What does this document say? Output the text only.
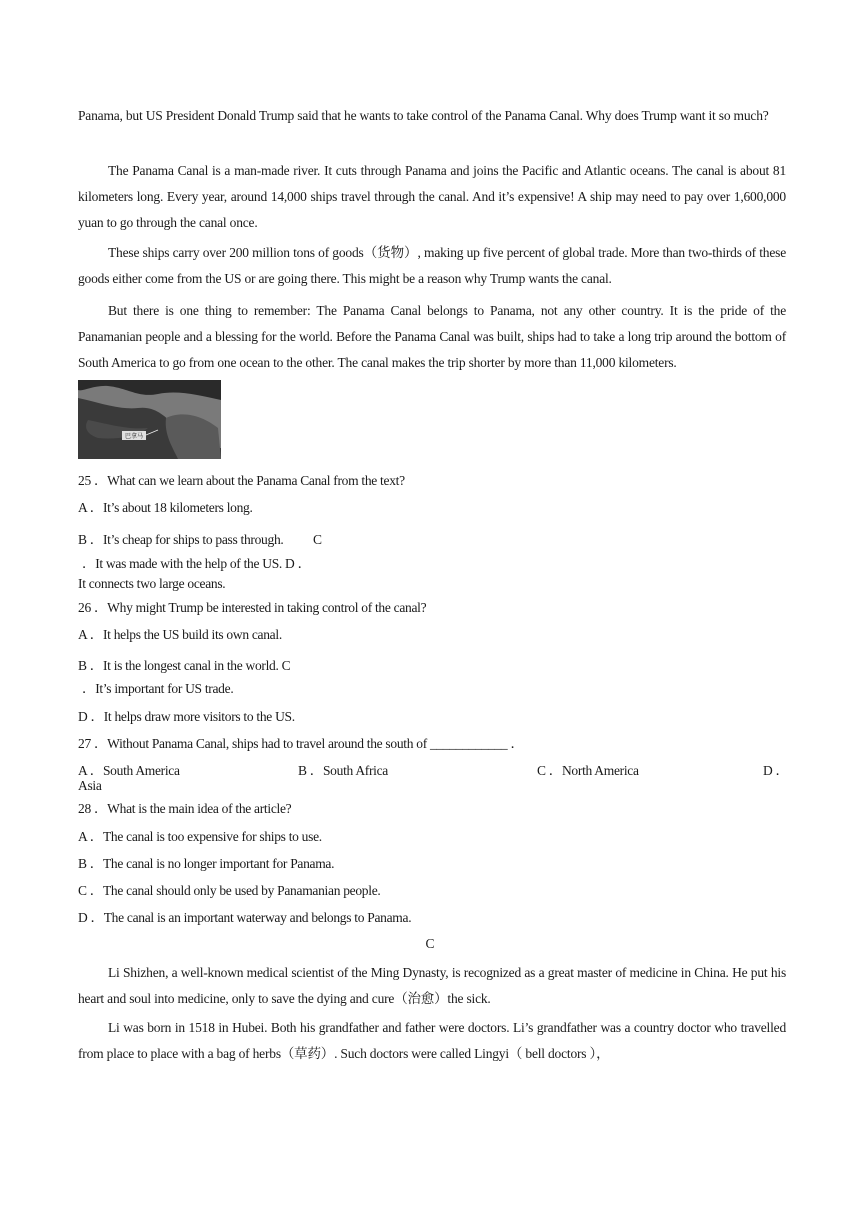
Panama, but US President Donald Trump said that he wants to take control of the Panama Canal. Why does Trump want it so much?
The Panama Canal is a man-made river. It cuts through Panama and joins the Pacific and Atlantic oceans. The canal is about 81 kilometers long. Every year, around 14,000 ships travel through the canal. And it’s expensive! A ship may need to pay over 1,600,000 yuan to go through the canal once.
These ships carry over 200 million tons of goods（货物）, making up five percent of global trade. More than two-thirds of these goods either come from the US or are going there. This might be a reason why Trump wants the canal.
But there is one thing to remember: The Panama Canal belongs to Panama, not any other country. It is the pride of the Panamanian people and a blessing for the world. Before the Panama Canal was built, ships had to take a long trip around the bottom of South America to go from one ocean to the other. The canal makes the trip shorter by more than 11,000 kilometers.
巴拿马
25 ．What can we learn about the Panama Canal from the text?
A ．It’s about 18 kilometers long.
B ．It’s cheap for ships to pass through. C
．It was made with the help of the US. D ．
It connects two large oceans.
26 ．Why might Trump be interested in taking control of the canal?
A ．It helps the US build its own canal.
B ．It is the longest canal in the world. C
．It’s important for US trade.
D ．It helps draw more visitors to the US.
27 ．Without Panama Canal, ships had to travel around the south of ____________ ．
A ．South America	B ．South Africa	C ．North America	D ．
Asia
28 ．What is the main idea of the article?
A ．The canal is too expensive for ships to use.
B ．The canal is no longer important for Panama.
C ．The canal should only be used by Panamanian people.
D ．The canal is an important waterway and belongs to Panama.
C
Li Shizhen, a well-known medical scientist of the Ming Dynasty, is recognized as a great master of medicine in China. He put his heart and soul into medicine, only to save the dying and cure（治愈）the sick.
Li was born in 1518 in Hubei. Both his grandfather and father were doctors. Li’s grandfather was a country doctor who travelled from place to place with a bag of herbs（草药）. Such doctors were called Lingyi（ bell doctors ），
